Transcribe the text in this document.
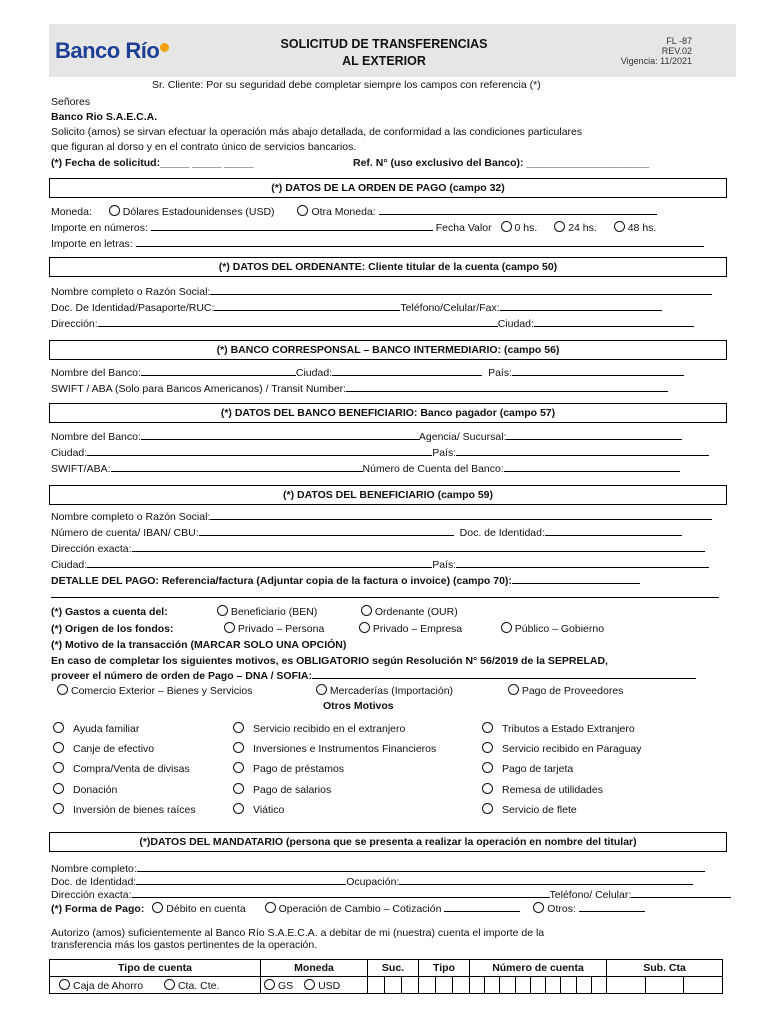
Banco Río	SOLICITUD DE TRANSFERENCIAS
AL EXTERIOR
FL -87
REV.02
Vigencia: 11/2021
Sr. Cliente: Por su seguridad debe completar siempre los campos con referencia (*)
Señores
Banco Rio S.A.E.C.A.
Solicito (amos) se sirvan efectuar la operación más abajo detallada, de conformidad a las condiciones particulares
que figuran al dorso y en el contrato único de servicios bancarios.
(*) Fecha de solicitud:_____ _____ _____	Ref. N° (uso exclusivo del Banco): _____________________
(*) DATOS DE LA ORDEN DE PAGO (campo 32)
Moneda:	Dólares Estadounidenses (USD)	Otra Moneda:
Importe en números:	Fecha Valor 0 hs.	24 hs.	48 hs.
Importe en letras:
(*) DATOS DEL ORDENANTE: Cliente titular de la cuenta (campo 50)
Nombre completo o Razón Social:
Doc. De Identidad/Pasaporte/RUC:	Teléfono/Celular/Fax:
Dirección:	Ciudad:
(*) BANCO CORRESPONSAL – BANCO INTERMEDIARIO: (campo 56)
Nombre del Banco:	Ciudad:	País:
SWIFT / ABA (Solo para Bancos Americanos) / Transit Number:
(*) DATOS DEL BANCO BENEFICIARIO: Banco pagador (campo 57)
Nombre del Banco:	Agencia/ Sucursal:
Ciudad:	País:
SWIFT/ABA:	Número de Cuenta del Banco:
(*) DATOS DEL BENEFICIARIO (campo 59)
Nombre completo o Razón Social:
Número de cuenta/ IBAN/ CBU:	Doc. de Identidad:
Dirección exacta:
Ciudad:	País:
DETALLE DEL PAGO: Referencia/factura (Adjuntar copia de la factura o invoice) (campo 70):
(*) Gastos a cuenta del:	Beneficiario (BEN)	Ordenante (OUR)
(*) Origen de los fondos:	Privado – Persona	Privado – Empresa	Público – Gobierno
(*) Motivo de la transacción (MARCAR SOLO UNA OPCIÓN)
En caso de completar los siguientes motivos, es OBLIGATORIO según Resolución N° 56/2019 de la SEPRELAD,
proveer el número de orden de Pago – DNA / SOFIA:
Comercio Exterior – Bienes y Servicios	Mercaderías (Importación)	Pago de Proveedores
Otros Motivos
Ayuda familiar
Canje de efectivo
Compra/Venta de divisas
Donación
Inversión de bienes raíces
Servicio recibido en el extranjero
Inversiones e Instrumentos Financieros
Pago de préstamos
Pago de salarios
Viático
Tributos a Estado Extranjero
Servicio recibido en Paraguay
Pago de tarjeta
Remesa de utilidades
Servicio de flete
(*)DATOS DEL MANDATARIO (persona que se presenta a realizar la operación en nombre del titular)
Nombre completo:
Doc. de Identidad:	Ocupación:
Dirección exacta:	Teléfono/ Celular:
(*) Forma de Pago: Débito en cuenta	Operación de Cambio – Cotización	Otros:
Autorizo (amos) suficientemente al Banco Río S.A.E.C.A. a debitar de mi (nuestra) cuenta el importe de la
transferencia más los gastos pertinentes de la operación.
Tipo de cuenta	Moneda	Suc.	Tipo	Número de cuenta	Sub. Cta
Caja de Ahorro Cta. Cte.	GS USD	
